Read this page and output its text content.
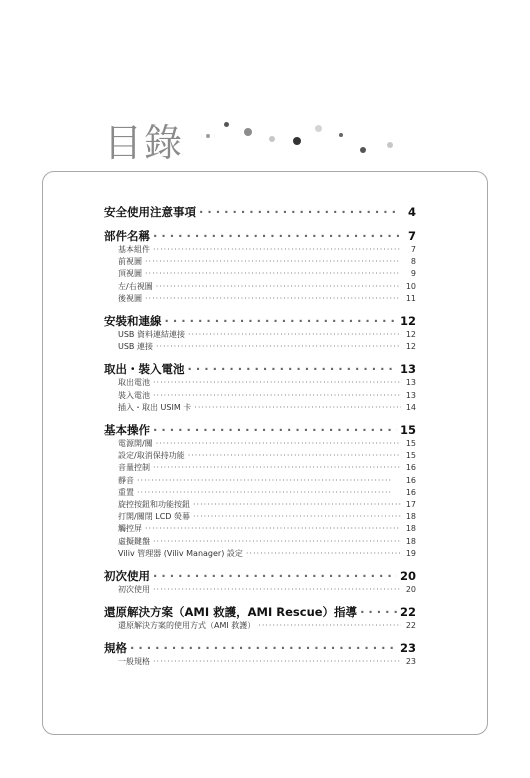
目錄
安全使用注意事項 · · ·	4
部件名稱 · · ·	7
基本組件 ·····	7
前視圖 ·····	8
頂視圖 ·····	9
左/右視圖 ·····	10
後視圖 ·····	11
安裝和連線 · · ·	12
USB 資料連結連接 ·····	12
USB 連接 ·····	12
取出・裝入電池 · · ·	13
取出電池 ·····	13
裝入電池 ·····	13
插入・取出 USIM 卡 ·····	14
基本操作 · · ·	15
電源開/關 ·····	15
設定/取消保持功能 ·····	15
音量控制 ·····	16
靜音 ·····	16
重置 ·····	16
旋控按鈕和功能按鈕 ·····	17
打開/關閉 LCD 熒幕 ·····	18
觸控屏 ·····	18
虛擬鍵盤 ·····	18
Viliv 管理器 (Viliv Manager) 設定 ·····	19
初次使用 · · ·	20
初次使用 ·····	20
還原解決方案（AMI 救護，AMI Rescue）指導 · · ·	22
還原解決方案的使用方式（AMI 救護） ·····	22
規格 · · ·	23
一般規格 ·····	23
